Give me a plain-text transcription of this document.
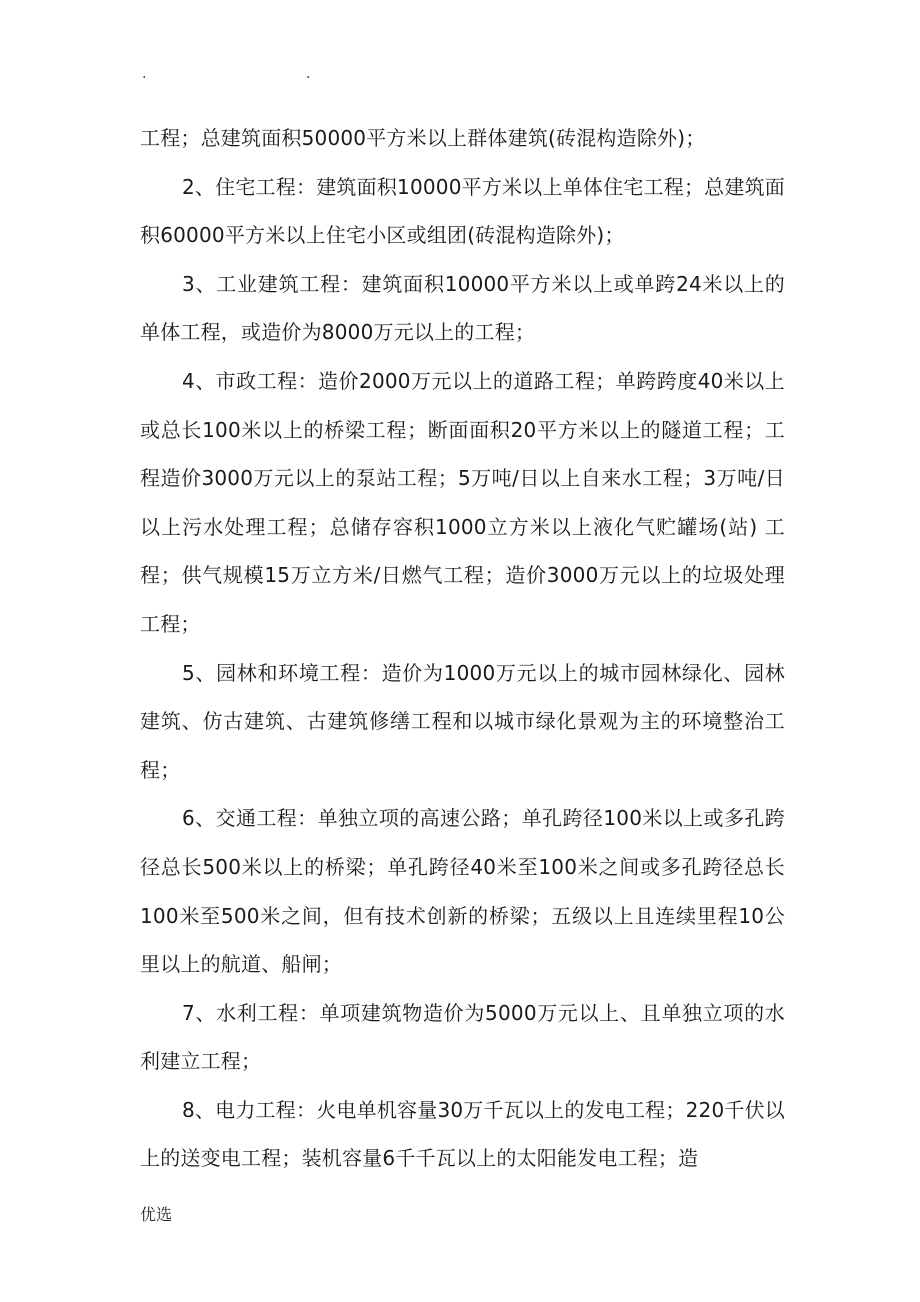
.	.

工程；总建筑面积50000平方米以上群体建筑(砖混构造除外)；

2、住宅工程：建筑面积10000平方米以上单体住宅工程；总建筑面积60000平方米以上住宅小区或组团(砖混构造除外)；

3、工业建筑工程：建筑面积10000平方米以上或单跨24米以上的单体工程，或造价为8000万元以上的工程；

4、市政工程：造价2000万元以上的道路工程；单跨跨度40米以上或总长100米以上的桥梁工程；断面面积20平方米以上的隧道工程；工程造价3000万元以上的泵站工程；5万吨/日以上自来水工程；3万吨/日以上污水处理工程；总储存容积1000立方米以上液化气贮罐场(站) 工程；供气规模15万立方米/日燃气工程；造价3000万元以上的垃圾处理工程；

5、园林和环境工程：造价为1000万元以上的城市园林绿化、园林建筑、仿古建筑、古建筑修缮工程和以城市绿化景观为主的环境整治工程；

6、交通工程：单独立项的高速公路；单孔跨径100米以上或多孔跨径总长500米以上的桥梁；单孔跨径40米至100米之间或多孔跨径总长100米至500米之间，但有技术创新的桥梁；五级以上且连续里程10公里以上的航道、船闸；

7、水利工程：单项建筑物造价为5000万元以上、且单独立项的水利建立工程；

8、电力工程：火电单机容量30万千瓦以上的发电工程；220千伏以上的送变电工程；装机容量6千千瓦以上的太阳能发电工程；造

优选
